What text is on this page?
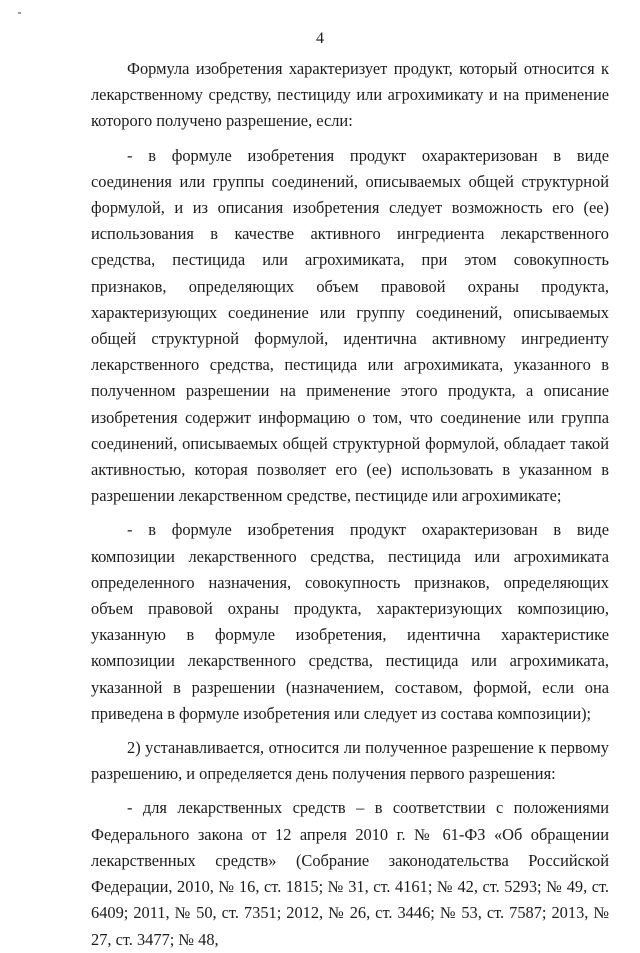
4

Формула изобретения характеризует продукт, который относится к лекарственному средству, пестициду или агрохимикату и на применение которого получено разрешение, если:

- в формуле изобретения продукт охарактеризован в виде соединения или группы соединений, описываемых общей структурной формулой, и из описания изобретения следует возможность его (ее) использования в качестве активного ингредиента лекарственного средства, пестицида или агрохимиката, при этом совокупность признаков, определяющих объем правовой охраны продукта, характеризующих соединение или группу соединений, описываемых общей структурной формулой, идентична активному ингредиенту лекарственного средства, пестицида или агрохимиката, указанного в полученном разрешении на применение этого продукта, а описание изобретения содержит информацию о том, что соединение или группа соединений, описываемых общей структурной формулой, обладает такой активностью, которая позволяет его (ее) использовать в указанном в разрешении лекарственном средстве, пестициде или агрохимикате;

- в формуле изобретения продукт охарактеризован в виде композиции лекарственного средства, пестицида или агрохимиката определенного назначения, совокупность признаков, определяющих объем правовой охраны продукта, характеризующих композицию, указанную в формуле изобретения, идентична характеристике композиции лекарственного средства, пестицида или агрохимиката, указанной в разрешении (назначением, составом, формой, если она приведена в формуле изобретения или следует из состава композиции);

2) устанавливается, относится ли полученное разрешение к первому разрешению, и определяется день получения первого разрешения:

- для лекарственных средств – в соответствии с положениями Федерального закона от 12 апреля 2010 г. № 61-ФЗ «Об обращении лекарственных средств» (Собрание законодательства Российской Федерации, 2010, № 16, ст. 1815; № 31, ст. 4161; № 42, ст. 5293; № 49, ст. 6409; 2011, № 50, ст. 7351; 2012, № 26, ст. 3446; № 53, ст. 7587; 2013, № 27, ст. 3477; № 48,
